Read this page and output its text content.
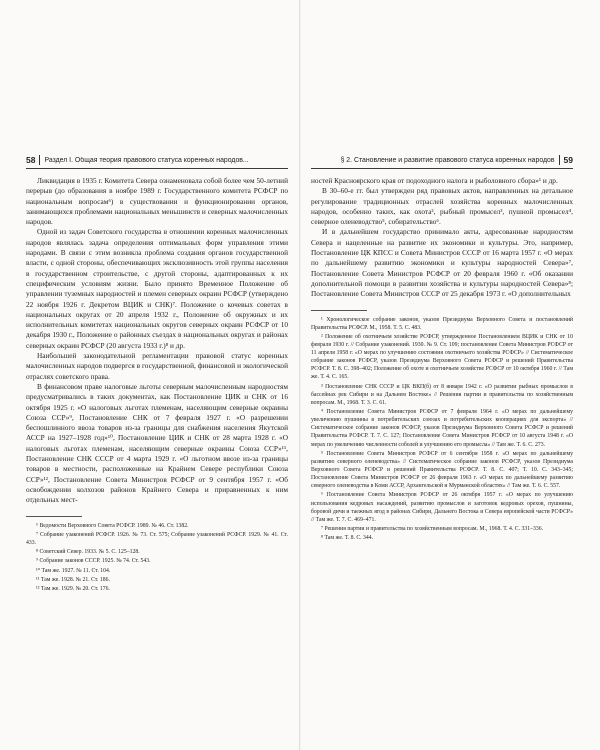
58 Раздел I. Общая теория правового статуса коренных народов...

Ликвидация в 1935 г. Комитета Севера ознаменовала собой более чем 50-летний перерыв (до образования в ноябре 1989 г. Государственного комитета РСФСР по национальным вопросам⁶) в существовании и функционировании органов, занимающихся проблемами национальных меньшинств и северных малочисленных народов.

Одной из задач Советского государства в отношении коренных малочисленных народов являлась задача определения оптимальных форм управления этими народами. В связи с этим возникла проблема создания органов государственной власти, с одной стороны, обеспечивающих эксклюзивность этой группы населения в государственном строительстве, с другой стороны, адаптированных к их специфическим условиям жизни. Было принято Временное Положение об управлении туземных народностей и племен северных окраин РСФСР (утверждено 22 ноября 1926 г. Декретом ВЦИК и СНК)⁷. Положение о кочевых советах в национальных округах от 20 апреля 1932 г., Положение об окружных и их исполнительных комитетах национальных округов северных окраин РСФСР от 10 декабря 1930 г., Положение о районных съездах в национальных округах и районах северных окраин РСФСР (20 августа 1933 г.)⁸ и др.

Наибольшей законодательной регламентации правовой статус коренных малочисленных народов подвергся в государственной, финансовой и экологической отраслях советского права.

В финансовом праве налоговые льготы северным малочисленным народностям предусматривались в таких документах, как Постановление ЦИК и СНК от 16 октября 1925 г. «О налоговых льготах племенам, населяющим северные окраины Союза ССР»⁹, Постановление СНК от 7 февраля 1927 г. «О разрешении беспошлинного ввоза товаров из-за границы для снабжения населения Якутской АССР на 1927–1928 год»¹⁰, Постановление ЦИК и СНК от 28 марта 1928 г. «О налоговых льготах племенам, населяющим северные окраины Союза ССР»¹¹, Постановление СНК СССР от 4 марта 1929 г. «О льготном ввозе из-за границы товаров в местности, расположенные на Крайнем Севере республики Союза ССР»¹², Постановление Совета Министров РСФСР от 9 сентября 1957 г. «Об освобождении колхозов районов Крайнего Севера и приравненных к ним отдельных мест-

⁶ Ведомости Верховного Совета РСФСР. 1989. № 46. Ст. 1382.

⁷ Собрание узаконений РСФСР. 1926. № 73. Ст. 575; Собрание узаконений РСФСР. 1929. № 41. Ст. 433.

⁸ Советский Север. 1933. № 5. С. 125–128.

⁹ Собрание законов СССР. 1925. № 74. Ст. 543.

¹⁰ Там же. 1927. № 11. Ст. 104.

¹¹ Там же. 1928. № 21. Ст. 186.

¹² Там же. 1929. № 20. Ст. 176.

§ 2. Становление и развитие правового статуса коренных народов 59

ностей Красноярского края от подоходного налога и рыболовного сбора»¹ и др.

В 30–60-е гг. был утвержден ряд правовых актов, направленных на детальное регулирование традиционных отраслей хозяйства коренных малочисленных народов, особенно таких, как охота², рыбный промысел³, пушной промысел⁴, северное оленеводство⁵, собирательство⁶.

И в дальнейшем государство принимало акты, адресованные народностям Севера и нацеленные на развитие их экономики и культуры. Это, например, Постановление ЦК КПСС и Совета Министров СССР от 16 марта 1957 г. «О мерах по дальнейшему развитию экономики и культуры народностей Севера»⁷, Постановление Совета Министров РСФСР от 20 февраля 1960 г. «Об оказании дополнительной помощи в развитии хозяйства и культуры народностей Севера»⁸; Постановление Совета Министров СССР от 25 декабря 1973 г. «О дополнительных

¹ Хронологическое собрание законов, указов Президиума Верховного Совета и постановлений Правительства РСФСР. М., 1958. Т. 5. С. 483.

² Положение об охотничьем хозяйстве РСФСР, утвержденное Постановлением ВЦИК и СНК от 10 февраля 1930 г. // Собрание узаконений. 1930. № 9. Ст. 109; постановление Совета Министров РСФСР от 11 апреля 1958 г. «О мерах по улучшению состояния охотничьего хозяйства РСФСР» // Систематическое собрание законов РСФСР, указов Президиума Верховного Совета РСФСР и решений Правительства РСФСР. Т. 8. С. 398–402; Положение об охоте и охотничьем хозяйстве РСФСР от 10 октября 1960 г. // Там же. Т. 4. С. 165.

³ Постановление СНК СССР и ЦК ВКП(б) от 8 января 1942 г. «О развитии рыбных промыслов в бассейнах рек Сибири и на Дальнем Востоке» // Решения партии и правительства по хозяйственным вопросам. М., 1968. Т. 3. С. 61.

⁴ Постановление Совета Министров РСФСР от 7 февраля 1964 г. «О мерах по дальнейшему увеличению пушнины в потребительских союзах и потребительских кооперациях для экспорта» // Систематическое собрание законов РСФСР, указов Президиума Верховного Совета РСФСР и решений Правительства РСФСР. Т. 7. С. 127; Постановление Совета Министров РСФСР от 10 августа 1948 г. «О мерах по увеличению численности соболей и улучшению его промысла» // Там же. Т. 6. С. 273.

⁵ Постановление Совета Министров РСФСР от 6 сентября 1958 г. «О мерах по дальнейшему развитию северного оленеводства» // Систематическое собрание законов РСФСР, указов Президиума Верховного Совета РСФСР и решений Правительства РСФСР. Т. 8. С. 407; Т. 10. С. 343–345; Постановление Совета Министров РСФСР от 26 февраля 1963 г. «О мерах по дальнейшему развитию северного оленеводства в Коми АССР, Архангельской и Мурманской областях» // Там же. Т. 6. С. 557.

⁶ Постановление Совета Министров РСФСР от 26 октября 1957 г. «О мерах по улучшению использования кедровых насаждений, развитию промыслов и заготовок кедровых орехов, пушнины, боровой дичи и таежных ягод в районах Сибири, Дальнего Востока и Севера европейской части РСФСР» // Там же. Т. 7. С. 469–471.

⁷ Решения партии и правительства по хозяйственным вопросам. М., 1968. Т. 4. С. 331–336.

⁸ Там же. Т. 8. С. 344.
